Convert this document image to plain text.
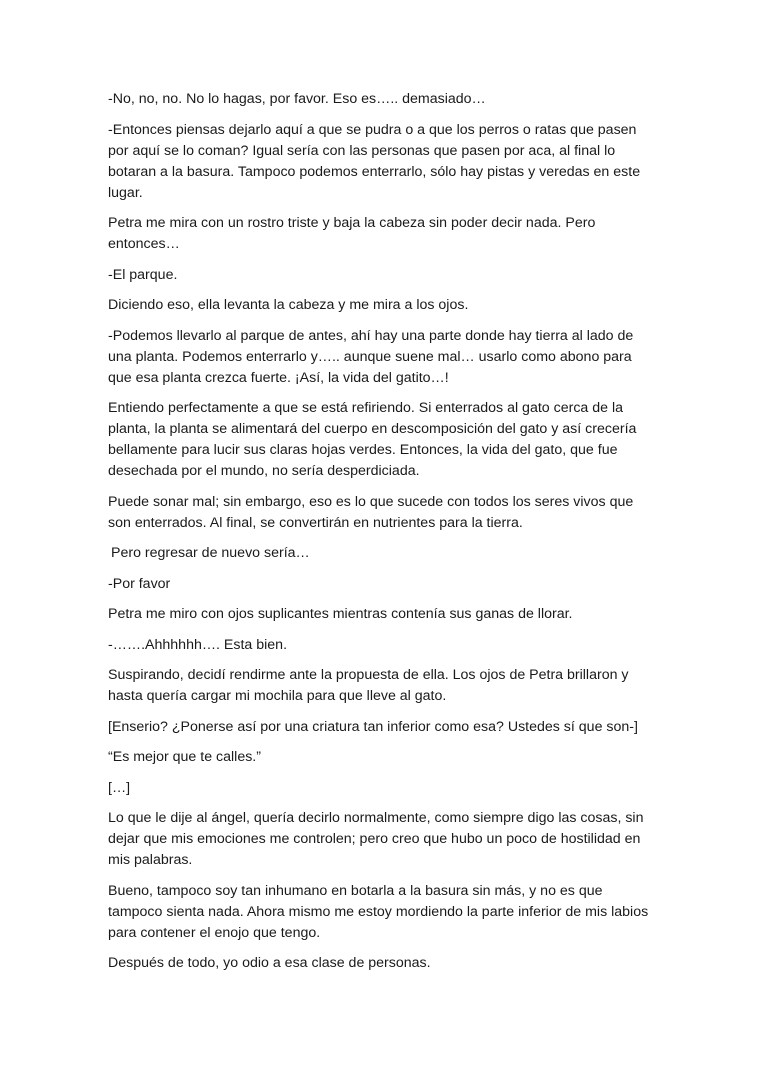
-No, no, no. No lo hagas, por favor. Eso es….. demasiado…

-Entonces piensas dejarlo aquí a que se pudra o a que los perros o ratas que pasen por aquí se lo coman? Igual sería con las personas que pasen por aca, al final lo botaran a la basura. Tampoco podemos enterrarlo, sólo hay pistas y veredas en este lugar.

Petra me mira con un rostro triste y baja la cabeza sin poder decir nada. Pero entonces…

-El parque.

Diciendo eso, ella levanta la cabeza y me mira a los ojos.

-Podemos llevarlo al parque de antes, ahí hay una parte donde hay tierra al lado de una planta. Podemos enterrarlo y….. aunque suene mal… usarlo como abono para que esa planta crezca fuerte. ¡Así, la vida del gatito…!

Entiendo perfectamente a que se está refiriendo. Si enterrados al gato cerca de la planta, la planta se alimentará del cuerpo en descomposición del gato y así crecería bellamente para lucir sus claras hojas verdes. Entonces, la vida del gato, que fue desechada por el mundo, no sería desperdiciada.

Puede sonar mal; sin embargo, eso es lo que sucede con todos los seres vivos que son enterrados. Al final, se convertirán en nutrientes para la tierra.

Pero regresar de nuevo sería…

-Por favor

Petra me miro con ojos suplicantes mientras contenía sus ganas de llorar.

-…….Ahhhhhh…. Esta bien.

Suspirando, decidí rendirme ante la propuesta de ella. Los ojos de Petra brillaron y hasta quería cargar mi mochila para que lleve al gato.

[Enserio? ¿Ponerse así por una criatura tan inferior como esa? Ustedes sí que son-]

“Es mejor que te calles.”

[…]

Lo que le dije al ángel, quería decirlo normalmente, como siempre digo las cosas, sin dejar que mis emociones me controlen; pero creo que hubo un poco de hostilidad en mis palabras.

Bueno, tampoco soy tan inhumano en botarla a la basura sin más, y no es que tampoco sienta nada. Ahora mismo me estoy mordiendo la parte inferior de mis labios para contener el enojo que tengo.

Después de todo, yo odio a esa clase de personas.
